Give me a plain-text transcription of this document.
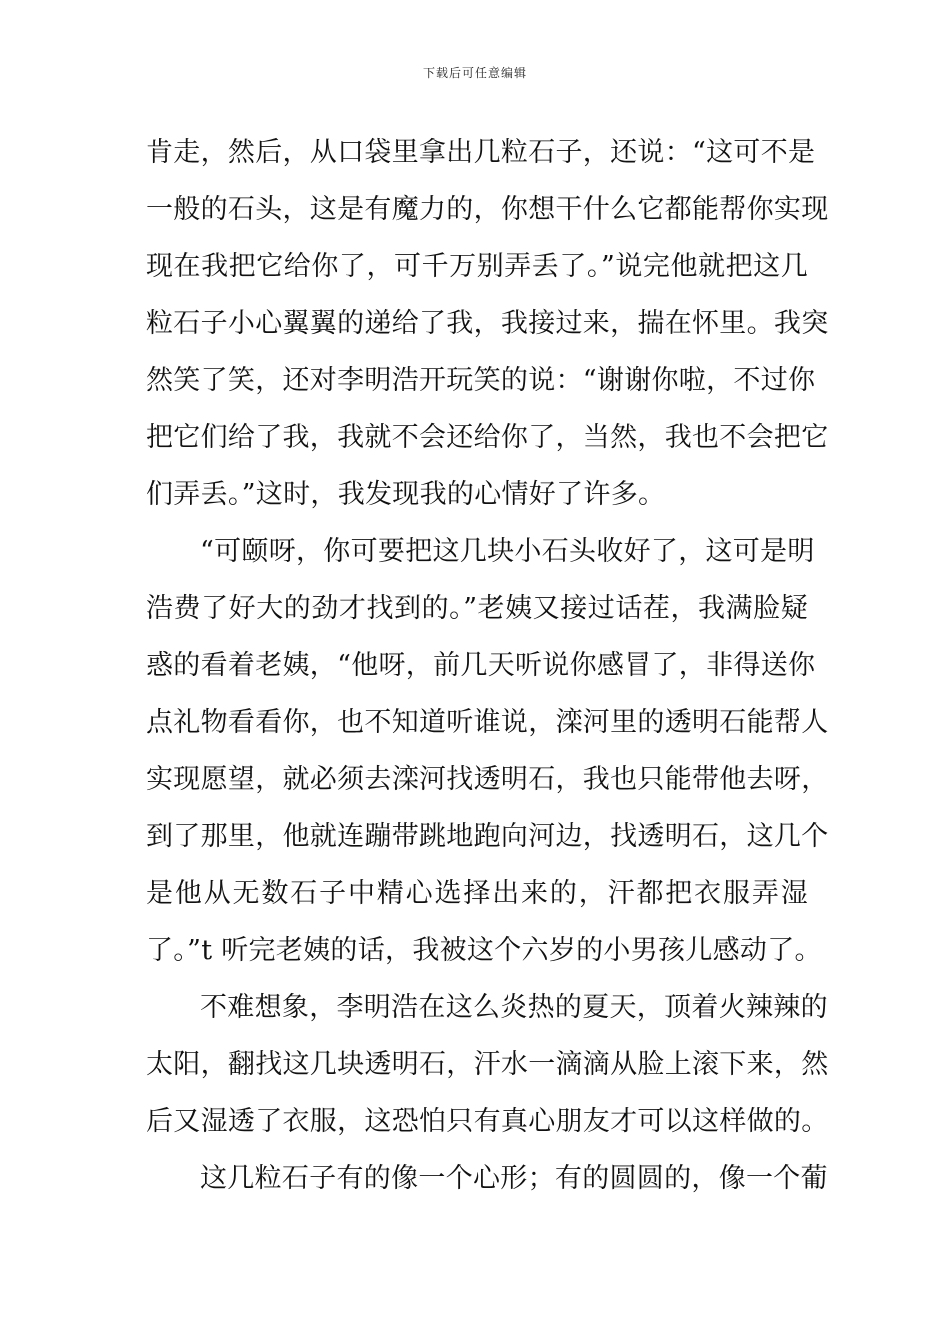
下载后可任意编辑
肯走，然后，从口袋里拿出几粒石子，还说：“这可不是
一般的石头，这是有魔力的，你想干什么它都能帮你实现
现在我把它给你了，可千万别弄丢了。”说完他就把这几
粒石子小心翼翼的递给了我，我接过来，揣在怀里。我突
然笑了笑，还对李明浩开玩笑的说：“谢谢你啦，不过你
把它们给了我，我就不会还给你了，当然，我也不会把它
们弄丢。”这时，我发现我的心情好了许多。
“可颐呀，你可要把这几块小石头收好了，这可是明
浩费了好大的劲才找到的。”老姨又接过话茬，我满脸疑
惑的看着老姨，“他呀，前几天听说你感冒了，非得送你
点礼物看看你，也不知道听谁说，滦河里的透明石能帮人
实现愿望，就必须去滦河找透明石，我也只能带他去呀，
到了那里，他就连蹦带跳地跑向河边，找透明石，这几个
是他从无数石子中精心选择出来的，汗都把衣服弄湿
了。”t 听完老姨的话，我被这个六岁的小男孩儿感动了。
不难想象，李明浩在这么炎热的夏天，顶着火辣辣的
太阳，翻找这几块透明石，汗水一滴滴从脸上滚下来，然
后又湿透了衣服，这恐怕只有真心朋友才可以这样做的。
这几粒石子有的像一个心形；有的圆圆的，像一个葡
